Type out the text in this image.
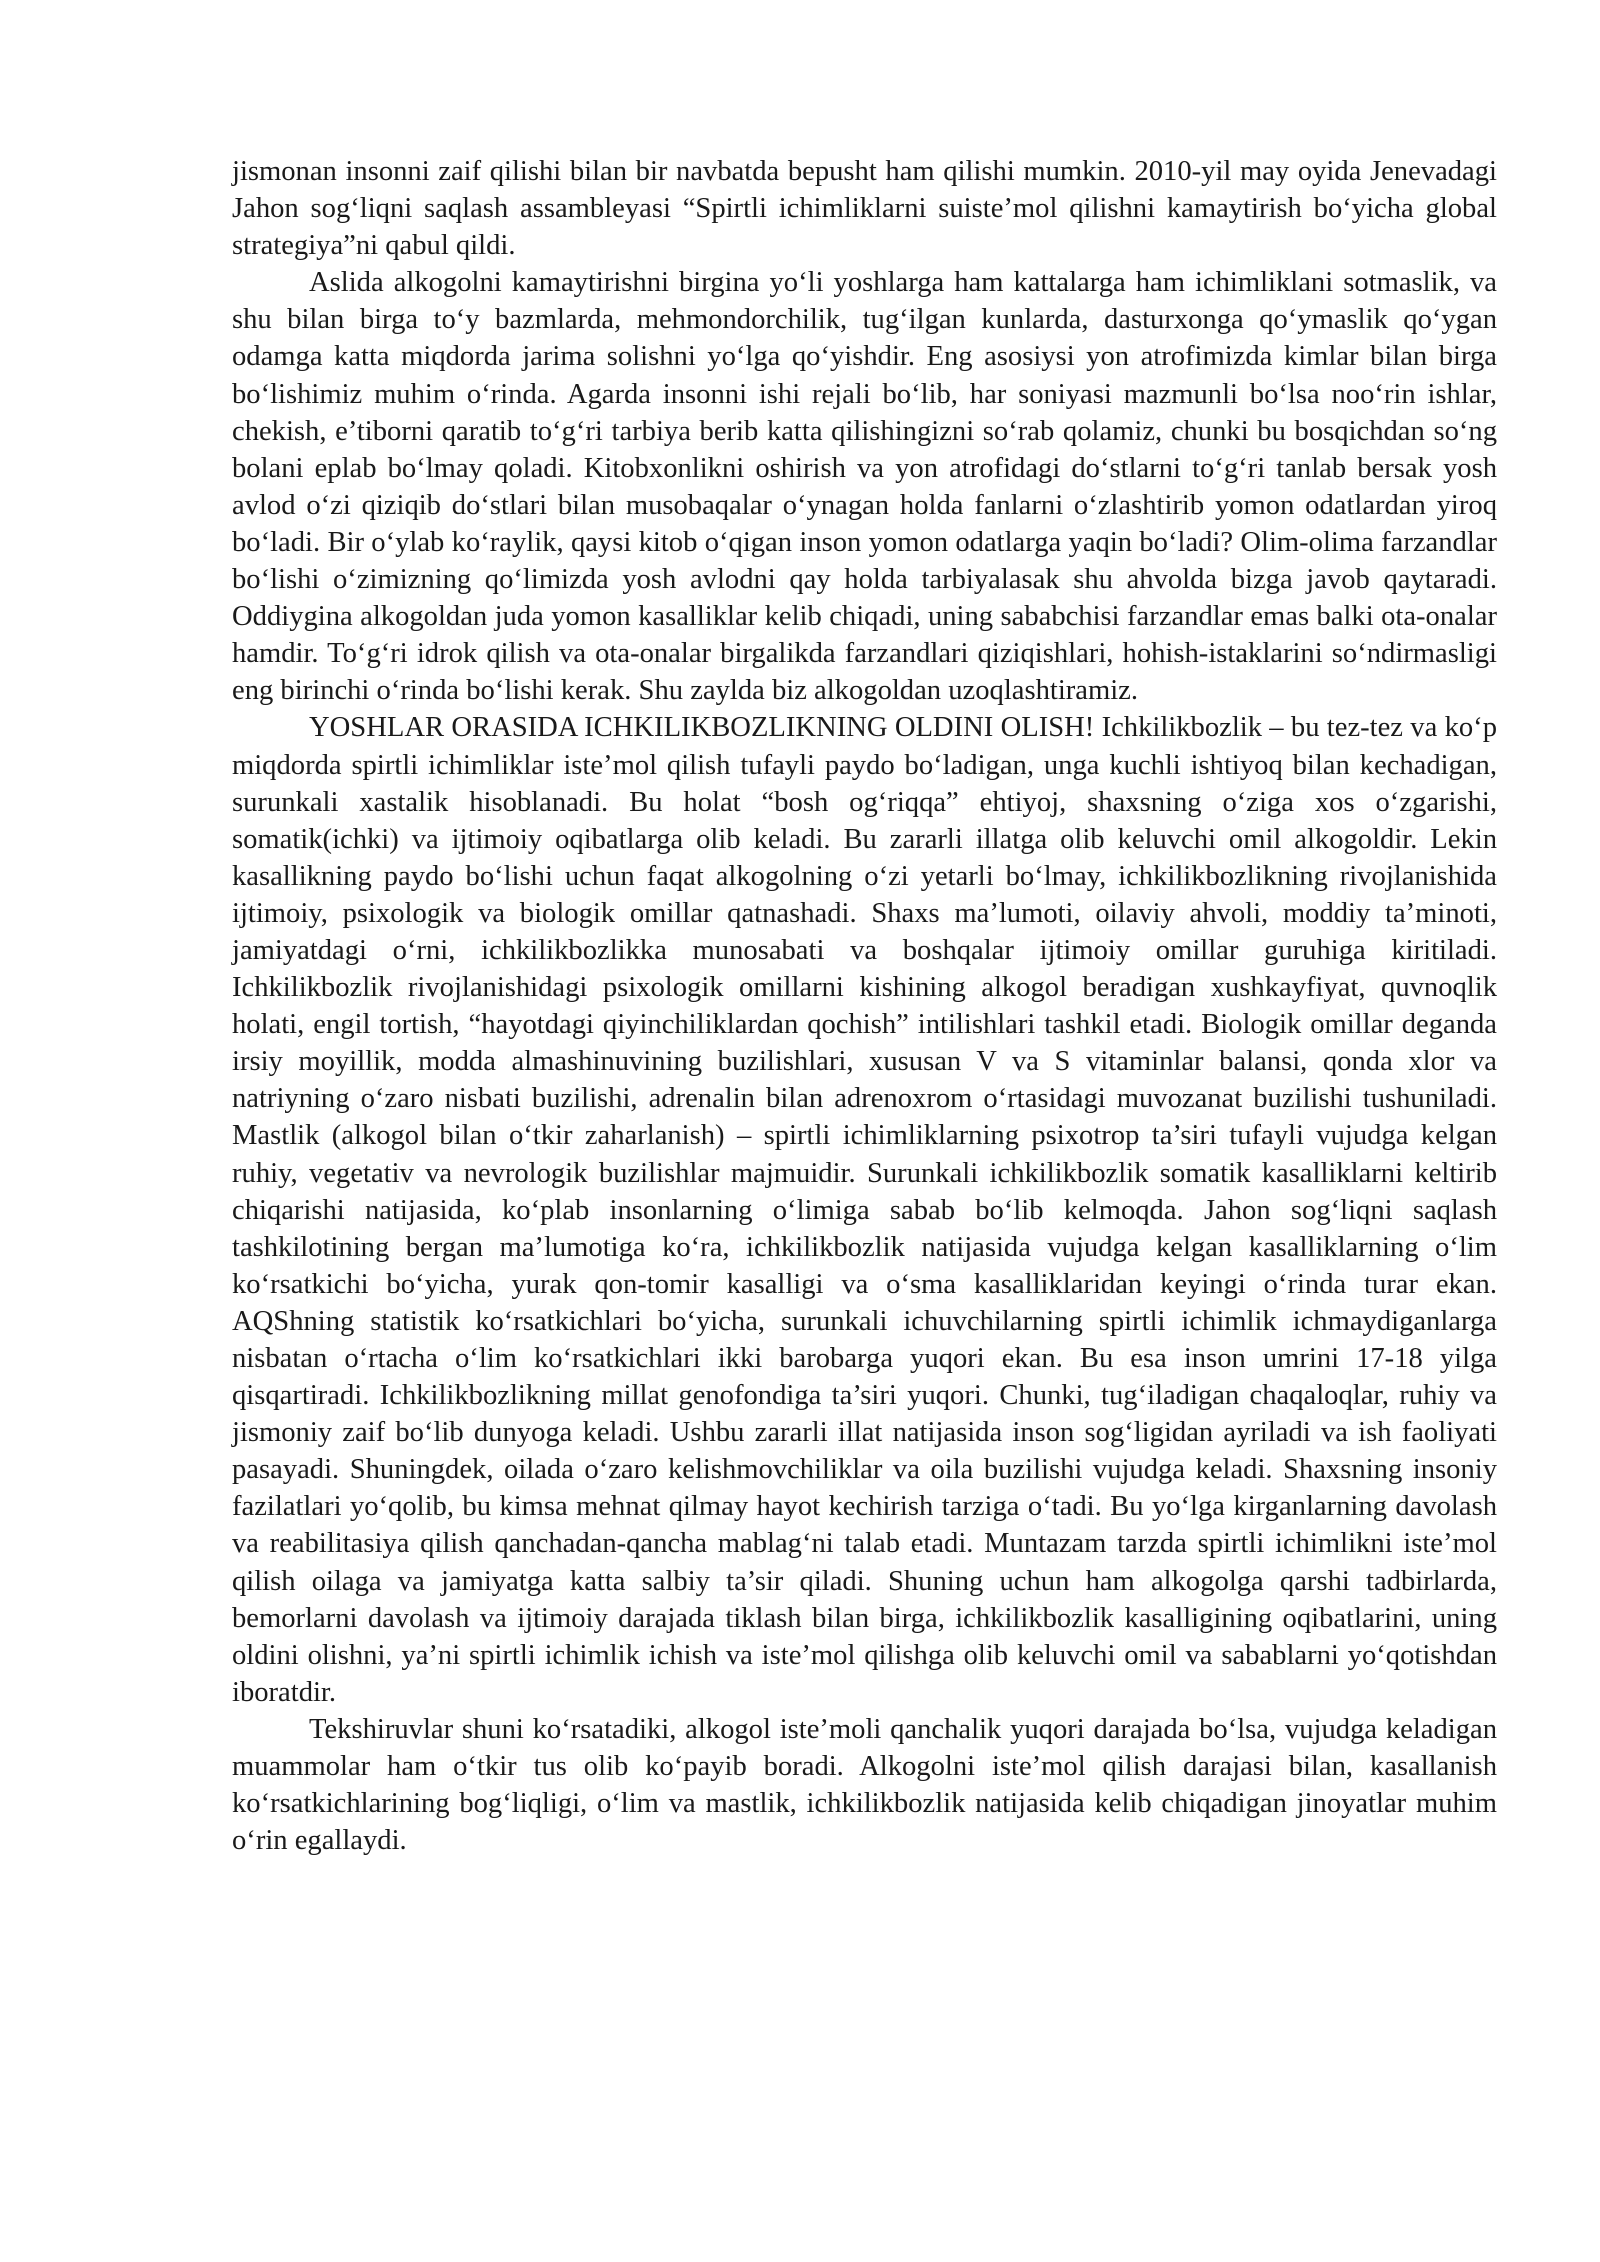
jismonan insonni zaif qilishi bilan bir navbatda bepusht ham qilishi mumkin. 2010-yil may oyida Jenevadagi Jahon sog‘liqni saqlash assambleyasi “Spirtli ichimliklarni suiste’mol qilishni kamaytirish bo‘yicha global strategiya”ni qabul qildi.

Aslida alkogolni kamaytirishni birgina yo‘li yoshlarga ham kattalarga ham ichimliklani sotmaslik, va shu bilan birga to‘y bazmlarda, mehmondorchilik, tug‘ilgan kunlarda, dasturxonga qo‘ymaslik qo‘ygan odamga katta miqdorda jarima solishni yo‘lga qo‘yishdir. Eng asosiysi yon atrofimizda kimlar bilan birga bo‘lishimiz muhim o‘rinda. Agarda insonni ishi rejali bo‘lib, har soniyasi mazmunli bo‘lsa noo‘rin ishlar, chekish, e’tiborni qaratib to‘g‘ri tarbiya berib katta qilishingizni so‘rab qolamiz, chunki bu bosqichdan so‘ng bolani eplab bo‘lmay qoladi. Kitobxonlikni oshirish va yon atrofidagi do‘stlarni to‘g‘ri tanlab bersak yosh avlod o‘zi qiziqib do‘stlari bilan musobaqalar o‘ynagan holda fanlarni o‘zlashtirib yomon odatlardan yiroq bo‘ladi. Bir o‘ylab ko‘raylik, qaysi kitob o‘qigan inson yomon odatlarga yaqin bo‘ladi? Olim-olima farzandlar bo‘lishi o‘zimizning qo‘limizda yosh avlodni qay holda tarbiyalasak shu ahvolda bizga javob qaytaradi. Oddiygina alkogoldan juda yomon kasalliklar kelib chiqadi, uning sababchisi farzandlar emas balki ota-onalar hamdir. To‘g‘ri idrok qilish va ota-onalar birgalikda farzandlari qiziqishlari, hohish-istaklarini so‘ndirmasligi eng birinchi o‘rinda bo‘lishi kerak. Shu zaylda biz alkogoldan uzoqlashtiramiz.

YOSHLAR ORASIDA ICHKILIKBOZLIKNING OLDINI OLISH! Ichkilikbozlik – bu tez-tez va ko‘p miqdorda spirtli ichimliklar iste’mol qilish tufayli paydo bo‘ladigan, unga kuchli ishtiyoq bilan kechadigan, surunkali xastalik hisoblanadi. Bu holat “bosh og‘riqqa” ehtiyoj, shaxsning o‘ziga xos o‘zgarishi, somatik(ichki) va ijtimoiy oqibatlarga olib keladi. Bu zararli illatga olib keluvchi omil alkogoldir. Lekin kasallikning paydo bo‘lishi uchun faqat alkogolning o‘zi yetarli bo‘lmay, ichkilikbozlikning rivojlanishida ijtimoiy, psixologik va biologik omillar qatnashadi. Shaxs ma’lumoti, oilaviy ahvoli, moddiy ta’minoti, jamiyatdagi o‘rni, ichkilikbozlikka munosabati va boshqalar ijtimoiy omillar guruhiga kiritiladi. Ichkilikbozlik rivojlanishidagi psixologik omillarni kishining alkogol beradigan xushkayfiyat, quvnoqlik holati, engil tortish, “hayotdagi qiyinchiliklardan qochish” intilishlari tashkil etadi. Biologik omillar deganda irsiy moyillik, modda almashinuvining buzilishlari, xususan V va S vitaminlar balansi, qonda xlor va natriyning o‘zaro nisbati buzilishi, adrenalin bilan adrenoxrom o‘rtasidagi muvozanat buzilishi tushuniladi. Mastlik (alkogol bilan o‘tkir zaharlanish) – spirtli ichimliklarning psixotrop ta’siri tufayli vujudga kelgan ruhiy, vegetativ va nevrologik buzilishlar majmuidir. Surunkali ichkilikbozlik somatik kasalliklarni keltirib chiqarishi natijasida, ko‘plab insonlarning o‘limiga sabab bo‘lib kelmoqda. Jahon sog‘liqni saqlash tashkilotining bergan ma’lumotiga ko‘ra, ichkilikbozlik natijasida vujudga kelgan kasalliklarning o‘lim ko‘rsatkichi bo‘yicha, yurak qon-tomir kasalligi va o‘sma kasalliklaridan keyingi o‘rinda turar ekan. AQShning statistik ko‘rsatkichlari bo‘yicha, surunkali ichuvchilarning spirtli ichimlik ichmaydiganlarga nisbatan o‘rtacha o‘lim ko‘rsatkichlari ikki barobarga yuqori ekan. Bu esa inson umrini 17-18 yilga qisqartiradi. Ichkilikbozlikning millat genofondiga ta’siri yuqori. Chunki, tug‘iladigan chaqaloqlar, ruhiy va jismoniy zaif bo‘lib dunyoga keladi. Ushbu zararli illat natijasida inson sog‘ligidan ayriladi va ish faoliyati pasayadi. Shuningdek, oilada o‘zaro kelishmovchiliklar va oila buzilishi vujudga keladi. Shaxsning insoniy fazilatlari yo‘qolib, bu kimsa mehnat qilmay hayot kechirish tarziga o‘tadi. Bu yo‘lga kirganlarning davolash va reabilitasiya qilish qanchadan-qancha mablag‘ni talab etadi. Muntazam tarzda spirtli ichimlikni iste’mol qilish oilaga va jamiyatga katta salbiy ta’sir qiladi. Shuning uchun ham alkogolga qarshi tadbirlarda, bemorlarni davolash va ijtimoiy darajada tiklash bilan birga, ichkilikbozlik kasalligining oqibatlarini, uning oldini olishni, ya’ni spirtli ichimlik ichish va iste’mol qilishga olib keluvchi omil va sabablarni yo‘qotishdan iboratdir.

Tekshiruvlar shuni ko‘rsatadiki, alkogol iste’moli qanchalik yuqori darajada bo‘lsa, vujudga keladigan muammolar ham o‘tkir tus olib ko‘payib boradi. Alkogolni iste’mol qilish darajasi bilan, kasallanish ko‘rsatkichlarining bog‘liqligi, o‘lim va mastlik, ichkilikbozlik natijasida kelib chiqadigan jinoyatlar muhim o‘rin egallaydi.
